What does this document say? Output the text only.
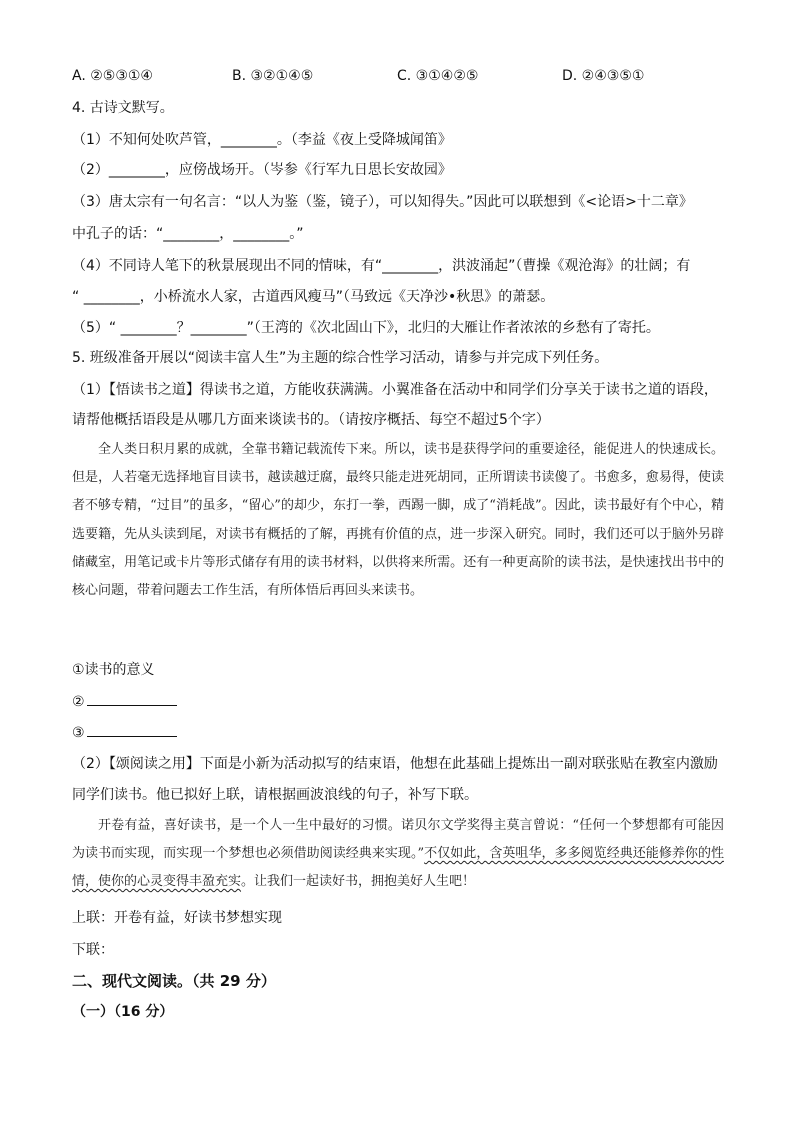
A. ②⑤③①④	B. ③②①④⑤	C. ③①④②⑤	D. ②④③⑤①
4. 古诗文默写。
（1）不知何处吹芦管，________。（李益《夜上受降城闻笛》
（2）________，应傍战场开。（岑参《行军九日思长安故园》
（3）唐太宗有一句名言：“以人为鉴（鉴，镜子），可以知得失。”因此可以联想到《<论语>十二章》
中孔子的话：“________，________。”
（4）不同诗人笔下的秋景展现出不同的情味，有“________，洪波涌起”（曹操《观沧海》的壮阔；有
“ ________，小桥流水人家，古道西风瘦马”（马致远《天净沙•秋思》的萧瑟。
（5）“ ________？________”（王湾的《次北固山下》，北归的大雁让作者浓浓的乡愁有了寄托。
5. 班级准备开展以“阅读丰富人生”为主题的综合性学习活动，请参与并完成下列任务。
（1）【悟读书之道】得读书之道，方能收获满满。小翼准备在活动中和同学们分享关于读书之道的语段，
请帮他概括语段是从哪几方面来谈读书的。（请按序概括、每空不超过5个字）
全人类日积月累的成就，全靠书籍记载流传下来。所以，读书是获得学问的重要途径，能促进人的快速成长。但是，人若毫无选择地盲目读书，越读越迂腐，最终只能走进死胡同，正所谓读书读傻了。书愈多，愈易得，使读者不够专精，“过目”的虽多，“留心”的却少，东打一拳，西踢一脚，成了“消耗战”。因此，读书最好有个中心，精选要籍，先从头读到尾，对读书有概括的了解，再挑有价值的点，进一步深入研究。同时，我们还可以于脑外另辟储藏室，用笔记或卡片等形式储存有用的读书材料，以供将来所需。还有一种更高阶的读书法，是快速找出书中的核心问题，带着问题去工作生活，有所体悟后再回头来读书。
①读书的意义
②
③
（2）【颂阅读之用】下面是小新为活动拟写的结束语，他想在此基础上提炼出一副对联张贴在教室内激励
同学们读书。他已拟好上联，请根据画波浪线的句子，补写下联。
开卷有益，喜好读书，是一个人一生中最好的习惯。诺贝尔文学奖得主莫言曾说：“任何一个梦想都有可能因为读书而实现，而实现一个梦想也必须借助阅读经典来实现。”不仅如此，含英咀华，多多阅览经典还能修养你的性情，使你的心灵变得丰盈充实。让我们一起读好书，拥抱美好人生吧！
上联：开卷有益，好读书梦想实现
下联：
二、现代文阅读。（共 29 分）
（一）（16 分）
